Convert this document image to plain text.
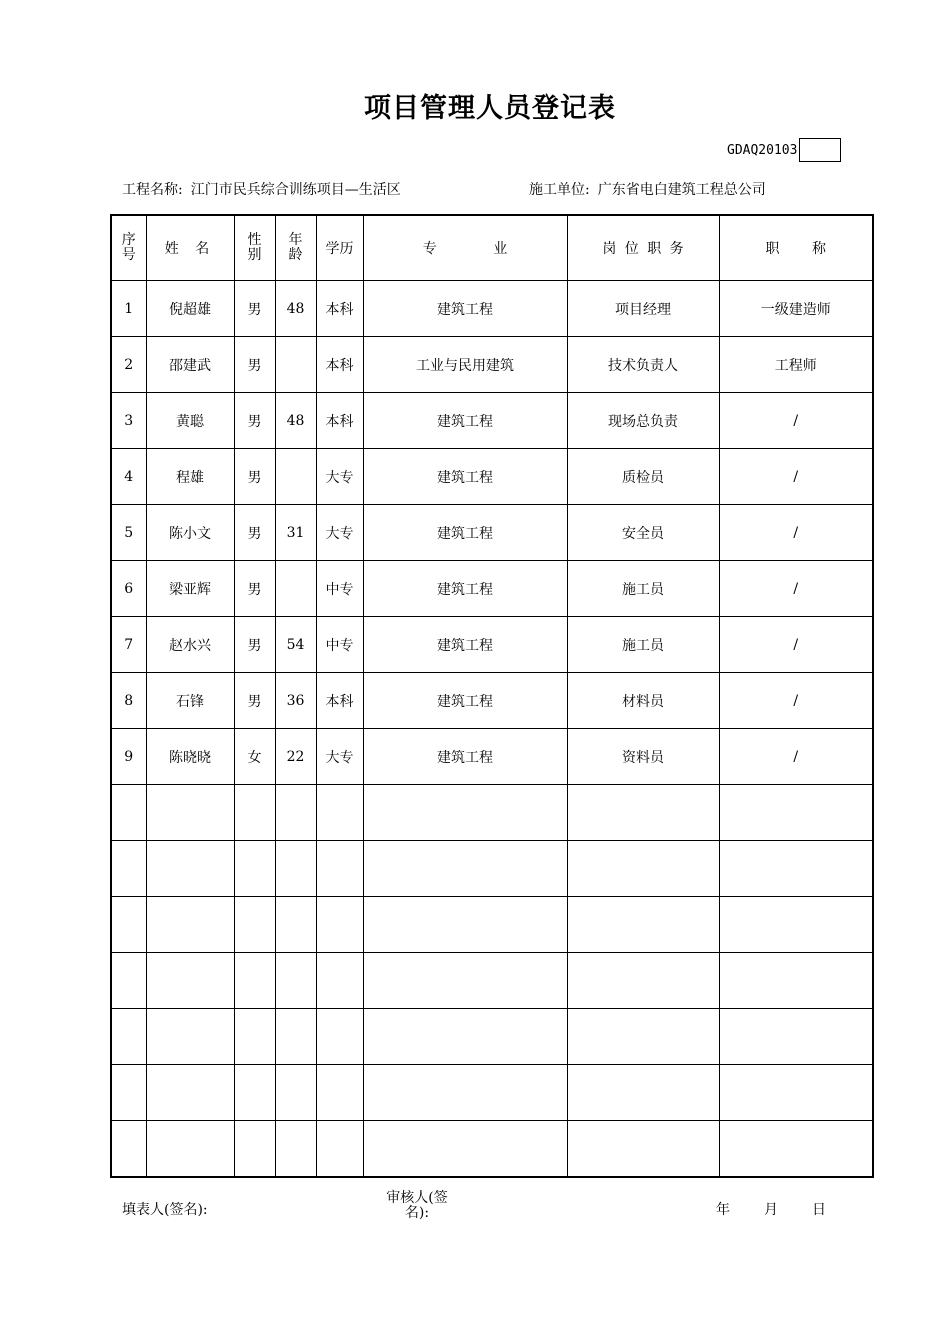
项目管理人员登记表
GDAQ20103
工程名称: 江门市民兵综合训练项目—生活区	施工单位: 广东省电白建筑工程总公司
序号	姓 名	性别	年龄	学历	专 业	岗 位 职 务	职 称
1	倪超雄	男	48	本科	建筑工程	项目经理	一级建造师
2	邵建武	男		本科	工业与民用建筑	技术负责人	工程师
3	黄聪	男	48	本科	建筑工程	现场总负责	/
4	程雄	男		大专	建筑工程	质检员	/
5	陈小文	男	31	大专	建筑工程	安全员	/
6	梁亚辉	男		中专	建筑工程	施工员	/
7	赵水兴	男	54	中专	建筑工程	施工员	/
8	石锋	男	36	本科	建筑工程	材料员	/
9	陈晓晓	女	22	大专	建筑工程	资料员	/

填表人(签名):
审核人(签
名):	年 月 日
